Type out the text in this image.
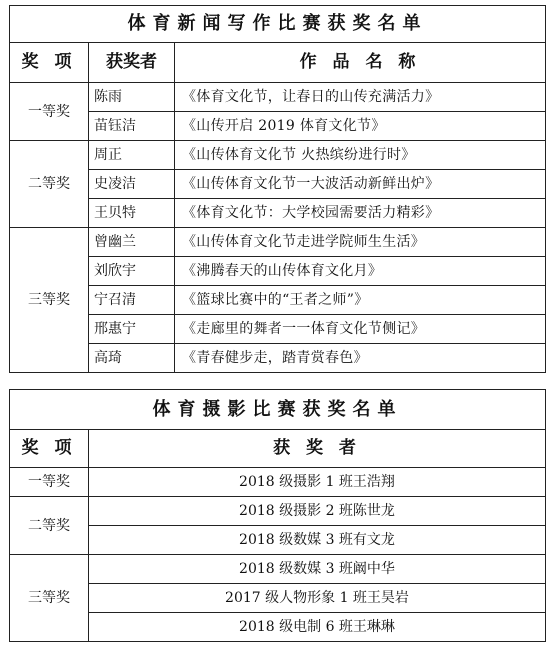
体育新闻写作比赛获奖名单		
奖 项	获奖者	作 品 名 称
一等奖	陈雨	《体育文化节，让春日的山传充满活力》
	苗钰洁	《山传开启 2019 体育文化节》
二等奖	周正	《山传体育文化节 火热缤纷进行时》
	史凌洁	《山传体育文化节一大波活动新鲜出炉》
	王贝特	《体育文化节：大学校园需要活力精彩》
三等奖	曾幽兰	《山传体育文化节走进学院师生生活》
	刘欣宇	《沸腾春天的山传体育文化月》
	宁召清	《篮球比赛中的“王者之师”》
	邢惠宁	《走廊里的舞者一一体育文化节侧记》
	高琦	《青春健步走，踏青赏春色》
体育摄影比赛获奖名单	
奖 项	获 奖 者
一等奖	2018 级摄影 1 班王浩翔
二等奖	2018 级摄影 2 班陈世龙
	2018 级数媒 3 班有文龙
三等奖	2018 级数媒 3 班阚中华
	2017 级人物形象 1 班王昊岩
	2018 级电制 6 班王琳琳
